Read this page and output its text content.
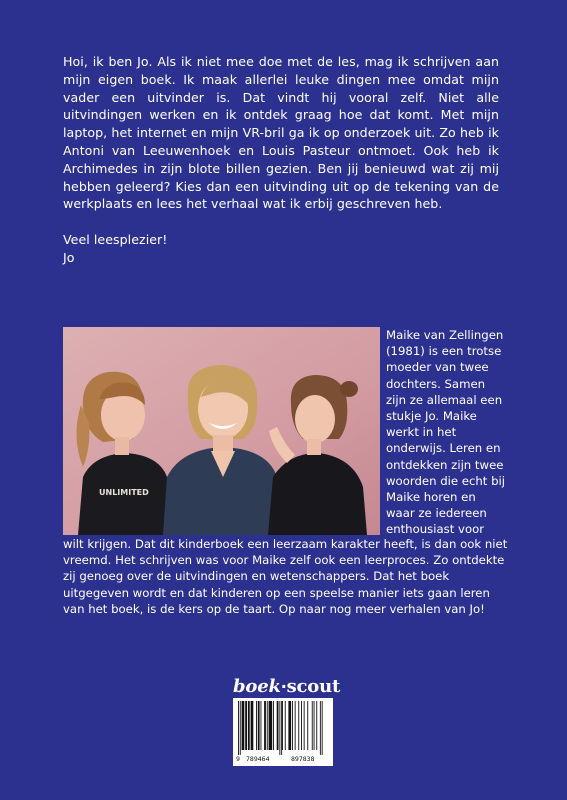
Hoi, ik ben Jo. Als ik niet mee doe met de les, mag ik schrijven aan mijn eigen boek. Ik maak allerlei leuke dingen mee omdat mijn vader een uitvinder is. Dat vindt hij vooral zelf. Niet alle uitvindingen werken en ik ontdek graag hoe dat komt. Met mijn laptop, het internet en mijn VR-bril ga ik op onderzoek uit. Zo heb ik Antoni van Leeuwenhoek en Louis Pasteur ontmoet. Ook heb ik Archimedes in zijn blote billen gezien. Ben jij benieuwd wat zij mij hebben geleerd? Kies dan een uitvinding uit op de tekening van de werkplaats en lees het verhaal wat ik erbij geschreven heb.

Veel leesplezier!

Jo

UNLIMITED

Maike van Zellingen (1981) is een trotse moeder van twee dochters. Samen zijn ze allemaal een stukje Jo. Maike werkt in het onderwijs. Leren en ontdekken zijn twee woorden die echt bij Maike horen en waar ze iedereen enthousiast voor

wilt krijgen. Dat dit kinderboek een leerzaam karakter heeft, is dan ook niet vreemd. Het schrijven was voor Maike zelf ook een leerproces. Zo ontdekte zij genoeg over de uitvindingen en wetenschappers. Dat het boek uitgegeven wordt en dat kinderen op een speelse manier iets gaan leren van het boek, is de kers op de taart. Op naar nog meer verhalen van Jo!

boek·scout
9 789464	897838
